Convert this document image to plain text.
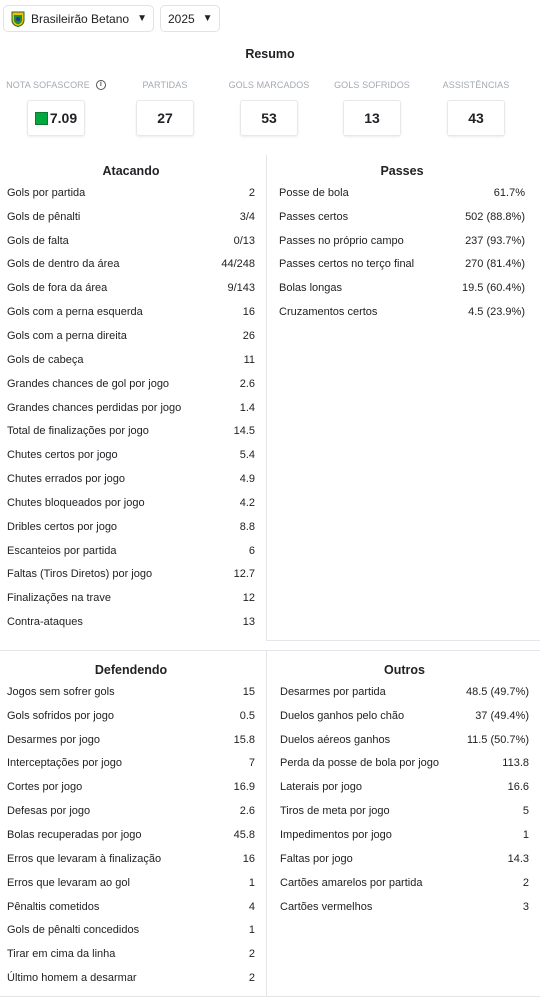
Brasileirão Betano ▼ 2025 ▼
Resumo
NOTA SOFASCORE	i
7.09
PARTIDAS
27
GOLS MARCADOS
53
GOLS SOFRIDOS
13
ASSISTÊNCIAS
43
Atacando
Gols por partida	2
Gols de pênalti	3/4
Gols de falta	0/13
Gols de dentro da área	44/248
Gols de fora da área	9/143
Gols com a perna esquerda	16
Gols com a perna direita	26
Gols de cabeça	11
Grandes chances de gol por jogo	2.6
Grandes chances perdidas por jogo	1.4
Total de finalizações por jogo	14.5
Chutes certos por jogo	5.4
Chutes errados por jogo	4.9
Chutes bloqueados por jogo	4.2
Dribles certos por jogo	8.8
Escanteios por partida	6
Faltas (Tiros Diretos) por jogo	12.7
Finalizações na trave	12
Contra-ataques	13
Passes
Posse de bola	61.7%
Passes certos	502 (88.8%)
Passes no próprio campo	237 (93.7%)
Passes certos no terço final	270 (81.4%)
Bolas longas	19.5 (60.4%)
Cruzamentos certos	4.5 (23.9%)
Defendendo
Jogos sem sofrer gols	15
Gols sofridos por jogo	0.5
Desarmes por jogo	15.8
Interceptações por jogo	7
Cortes por jogo	16.9
Defesas por jogo	2.6
Bolas recuperadas por jogo	45.8
Erros que levaram à finalização	16
Erros que levaram ao gol	1
Pênaltis cometidos	4
Gols de pênalti concedidos	1
Tirar em cima da linha	2
Último homem a desarmar	2
Outros
Desarmes por partida	48.5 (49.7%)
Duelos ganhos pelo chão	37 (49.4%)
Duelos aéreos ganhos	11.5 (50.7%)
Perda da posse de bola por jogo	113.8
Laterais por jogo	16.6
Tiros de meta por jogo	5
Impedimentos por jogo	1
Faltas por jogo	14.3
Cartões amarelos por partida	2
Cartões vermelhos	3
